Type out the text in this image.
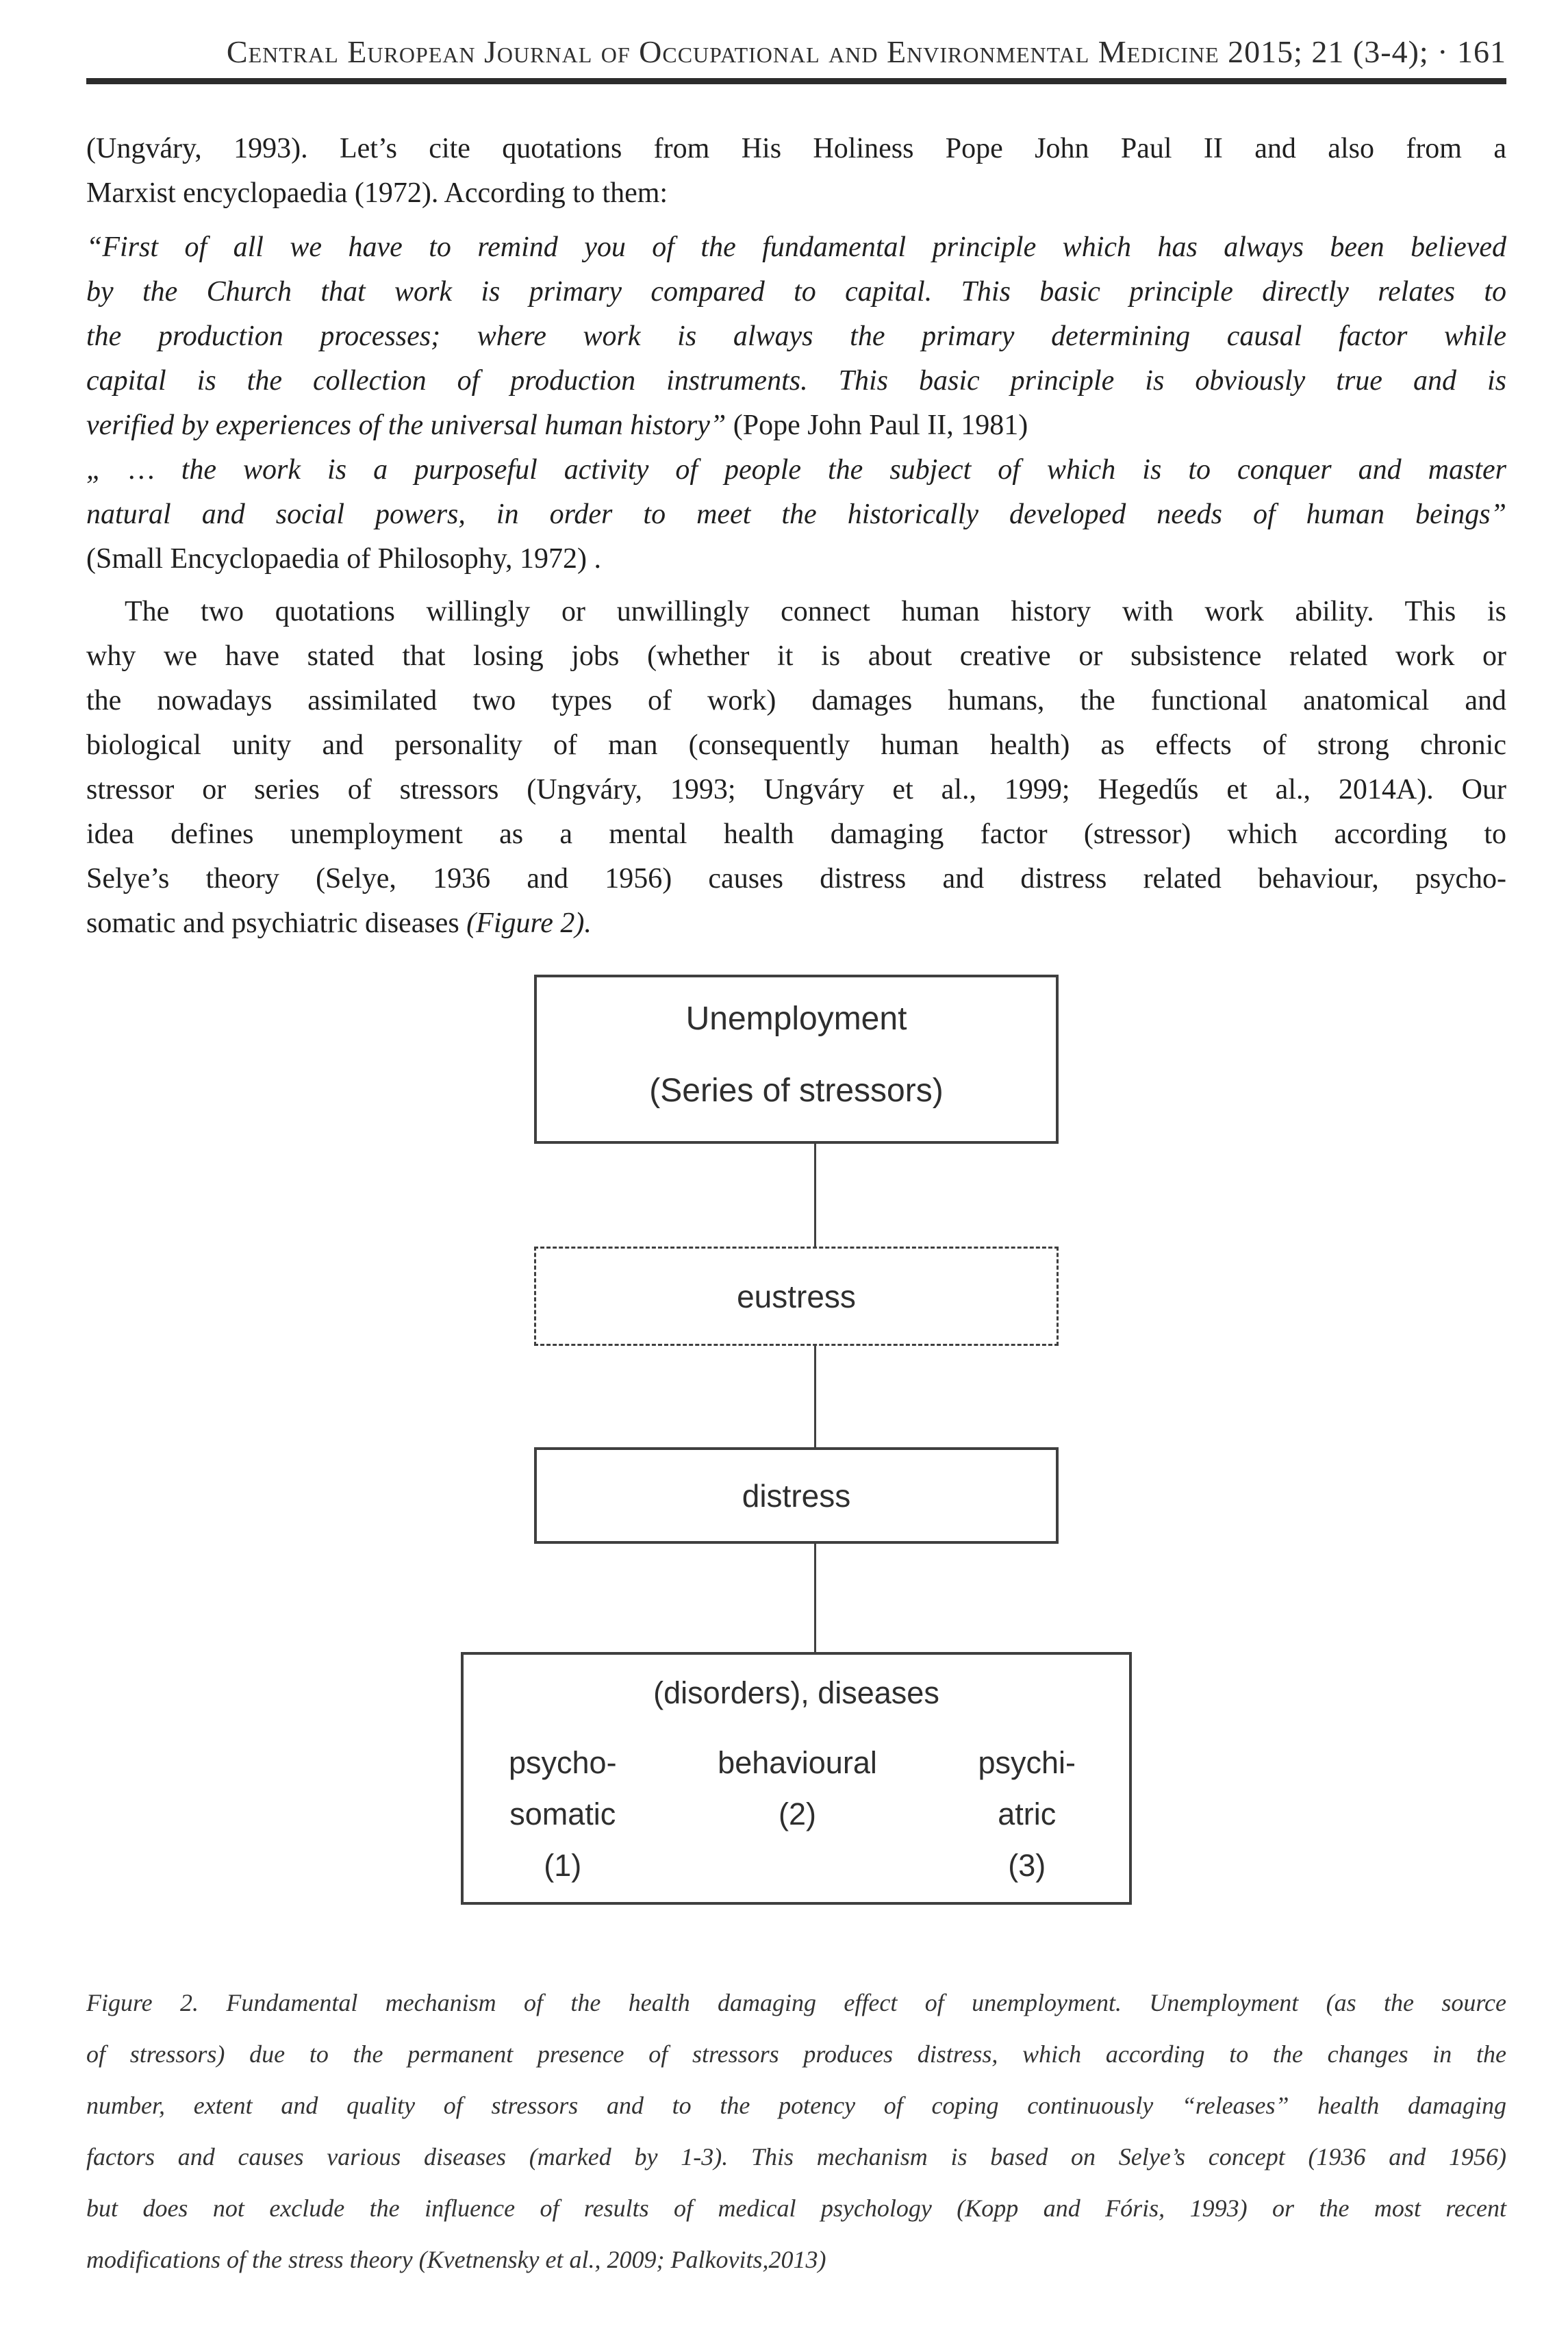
Central European Journal of Occupational and Environmental Medicine 2015; 21 (3-4); · 161
(Ungváry, 1993). Let’s cite quotations from His Holiness Pope John Paul II and also from a
Marxist encyclopaedia (1972). According to them:
“First of all we have to remind you of the fundamental principle which has always been believed
by the Church that work is primary compared to capital. This basic principle directly relates to
the production processes; where work is always the primary determining causal factor while
capital is the collection of production instruments. This basic principle is obviously true and is
verified by experiences of the universal human history” (Pope John Paul II, 1981)
„ … the work is a purposeful activity of people the subject of which is to conquer and master
natural and social powers, in order to meet the historically developed needs of human beings”
(Small Encyclopaedia of Philosophy, 1972) .
The two quotations willingly or unwillingly connect human history with work ability. This is
why we have stated that losing jobs (whether it is about creative or subsistence related work or
the nowadays assimilated two types of work) damages humans, the functional anatomical and
biological unity and personality of man (consequently human health) as effects of strong chronic
stressor or series of stressors (Ungváry, 1993; Ungváry et al., 1999; Hegedűs et al., 2014A). Our
idea defines unemployment as a mental health damaging factor (stressor) which according to
Selye’s theory (Selye, 1936 and 1956) causes distress and distress related behaviour, psycho-
somatic and psychiatric diseases (Figure 2).
Unemployment
(Series of stressors)
eustress
distress
(disorders), diseases
psycho-
somatic
(1)
behavioural
(2)
psychi-
atric
(3)
Figure 2. Fundamental mechanism of the health damaging effect of unemployment. Unemployment (as the source
of stressors) due to the permanent presence of stressors produces distress, which according to the changes in the
number, extent and quality of stressors and to the potency of coping continuously “releases” health damaging
factors and causes various diseases (marked by 1-3). This mechanism is based on Selye’s concept (1936 and 1956)
but does not exclude the influence of results of medical psychology (Kopp and Fóris, 1993) or the most recent
modifications of the stress theory (Kvetnensky et al., 2009; Palkovits,2013)
